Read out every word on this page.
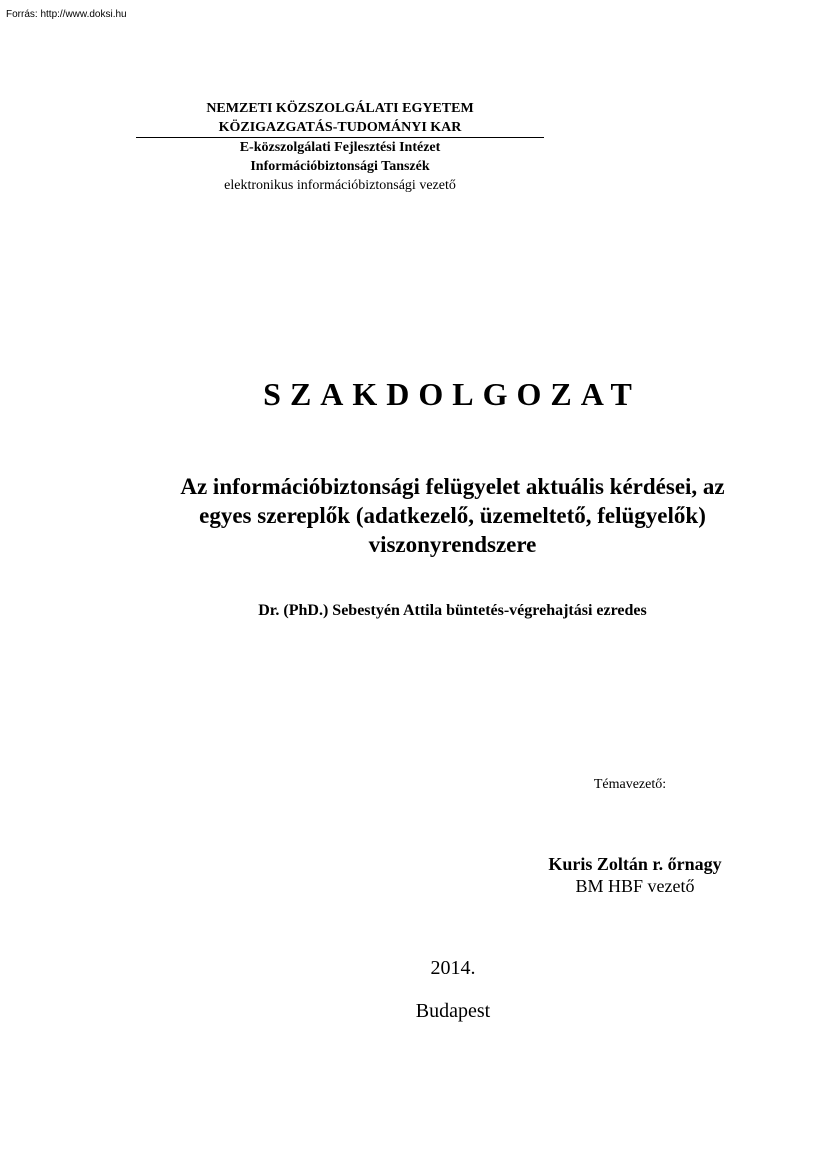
Forrás: http://www.doksi.hu
NEMZETI KÖZSZOLGÁLATI EGYETEM
KÖZIGAZGATÁS-TUDOMÁNYI KAR
E-közszolgálati Fejlesztési Intézet
Információbiztonsági Tanszék
elektronikus információbiztonsági vezető
SZAKDOLGOZAT
Az információbiztonsági felügyelet aktuális kérdései, az
egyes szereplők (adatkezelő, üzemeltető, felügyelők)
viszonyrendszere
Dr. (PhD.) Sebestyén Attila büntetés-végrehajtási ezredes
Témavezető:
Kuris Zoltán r. őrnagy
BM HBF vezető
2014.
Budapest
